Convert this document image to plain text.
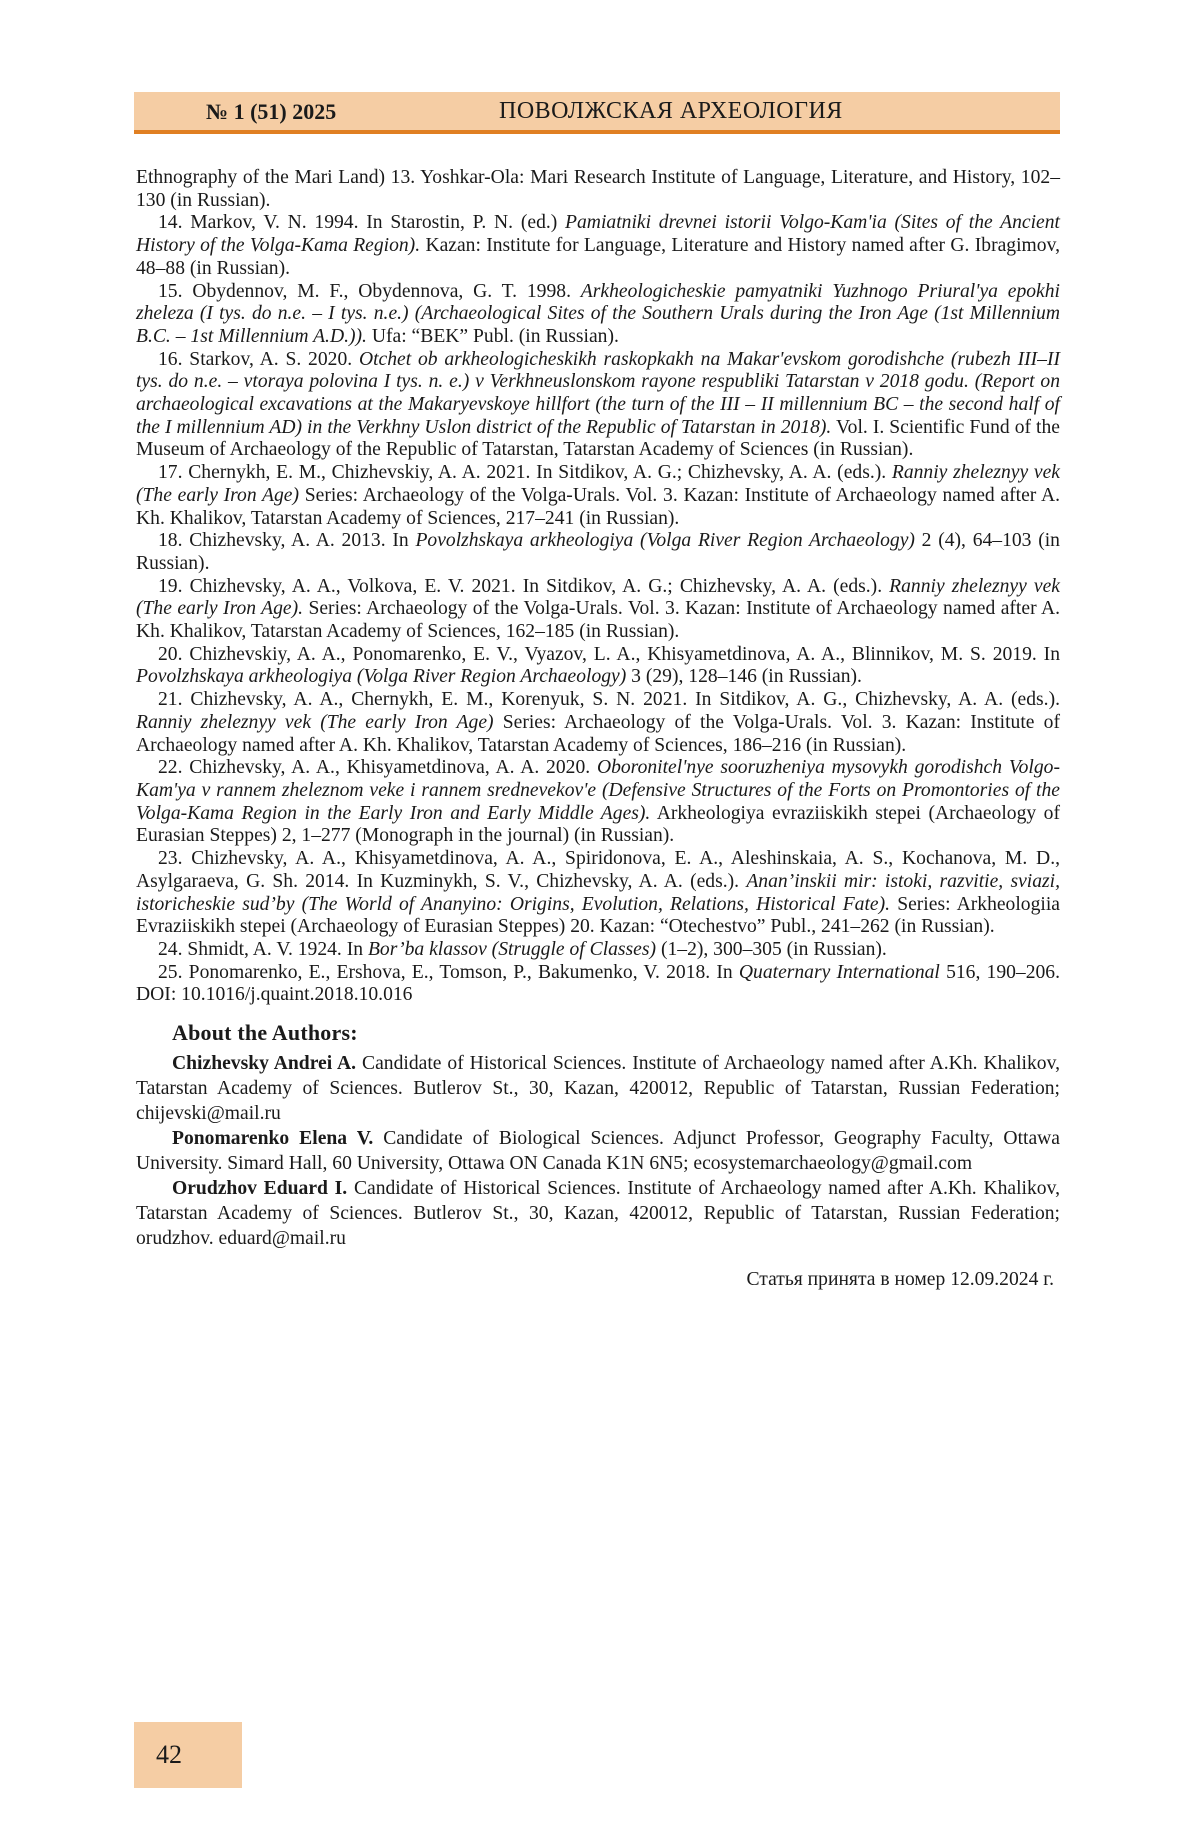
№ 1 (51) 2025	ПОВОЛЖСКАЯ АРХЕОЛОГИЯ

Ethnography of the Mari Land) 13. Yoshkar-Ola: Mari Research Institute of Language, Literature, and History, 102–130 (in Russian).

14. Markov, V. N. 1994. In Starostin, P. N. (ed.) Pamiatniki drevnei istorii Volgo-Kam'ia (Sites of the Ancient History of the Volga-Kama Region). Kazan: Institute for Language, Literature and History named after G. Ibragimov, 48–88 (in Russian).

15. Obydennov, M. F., Obydennova, G. T. 1998. Arkheologicheskie pamyatniki Yuzhnogo Priural'ya epokhi zheleza (I tys. do n.e. – I tys. n.e.) (Archaeological Sites of the Southern Urals during the Iron Age (1st Millennium B.C. – 1st Millennium A.D.)). Ufa: “BEK” Publ. (in Russian).

16. Starkov, A. S. 2020. Otchet ob arkheologicheskikh raskopkakh na Makar'evskom gorodishche (rubezh III–II tys. do n.e. – vtoraya polovina I tys. n. e.) v Verkhneuslonskom rayone respubliki Tatarstan v 2018 godu. (Report on archaeological excavations at the Makaryevskoye hillfort (the turn of the III – II millennium BC – the second half of the I millennium AD) in the Verkhny Uslon district of the Republic of Tatarstan in 2018). Vol. I. Scientific Fund of the Museum of Archaeology of the Republic of Tatarstan, Tatarstan Academy of Sciences (in Russian).

17. Chernykh, E. M., Chizhevskiy, A. A. 2021. In Sitdikov, A. G.; Chizhevsky, A. A. (eds.). Ranniy zheleznyy vek (The early Iron Age) Series: Archaeology of the Volga-Urals. Vol. 3. Kazan: Institute of Archaeology named after A. Kh. Khalikov, Tatarstan Academy of Sciences, 217–241 (in Russian).

18. Chizhevsky, A. A. 2013. In Povolzhskaya arkheologiya (Volga River Region Archaeology) 2 (4), 64–103 (in Russian).

19. Chizhevsky, A. A., Volkova, E. V. 2021. In Sitdikov, A. G.; Chizhevsky, A. A. (eds.). Ranniy zheleznyy vek (The early Iron Age). Series: Archaeology of the Volga-Urals. Vol. 3. Kazan: Institute of Archaeology named after A. Kh. Khalikov, Tatarstan Academy of Sciences, 162–185 (in Russian).

20. Chizhevskiy, A. A., Ponomarenko, E. V., Vyazov, L. A., Khisyametdinova, A. A., Blinnikov, M. S. 2019. In Povolzhskaya arkheologiya (Volga River Region Archaeology) 3 (29), 128–146 (in Russian).

21. Chizhevsky, A. A., Chernykh, E. M., Korenyuk, S. N. 2021. In Sitdikov, A. G., Chizhevsky, A. A. (eds.). Ranniy zheleznyy vek (The early Iron Age) Series: Archaeology of the Volga-Urals. Vol. 3. Kazan: Institute of Archaeology named after A. Kh. Khalikov, Tatarstan Academy of Sciences, 186–216 (in Russian).

22. Chizhevsky, A. A., Khisyametdinova, A. A. 2020. Oboronitel'nye sooruzheniya mysovykh gorodishch Volgo-Kam'ya v rannem zheleznom veke i rannem srednevekov'e (Defensive Structures of the Forts on Promontories of the Volga-Kama Region in the Early Iron and Early Middle Ages). Arkheologiya evraziiskikh stepei (Archaeology of Eurasian Steppes) 2, 1–277 (Monograph in the journal) (in Russian).

23. Chizhevsky, A. A., Khisyametdinova, A. A., Spiridonova, E. A., Aleshinskaia, A. S., Kochanova, M. D., Asylgaraeva, G. Sh. 2014. In Kuzminykh, S. V., Chizhevsky, A. A. (eds.). Anan’inskii mir: istoki, razvitie, sviazi, istoricheskie sud’by (The World of Ananyino: Origins, Evolution, Relations, Historical Fate). Series: Arkheologiia Evraziiskikh stepei (Archaeology of Eurasian Steppes) 20. Kazan: “Otechestvo” Publ., 241–262 (in Russian).

24. Shmidt, A. V. 1924. In Bor’ba klassov (Struggle of Classes) (1–2), 300–305 (in Russian).

25. Ponomarenko, E., Ershova, E., Tomson, P., Bakumenko, V. 2018. In Quaternary International 516, 190–206. DOI: 10.1016/j.quaint.2018.10.016

About the Authors:

Chizhevsky Andrei A. Candidate of Historical Sciences. Institute of Archaeology named after A.Kh. Khalikov, Tatarstan Academy of Sciences. Butlerov St., 30, Kazan, 420012, Republic of Tatarstan, Russian Federation; chijevski@mail.ru

Ponomarenko Elena V. Candidate of Biological Sciences. Adjunct Professor, Geography Faculty, Ottawa University. Simard Hall, 60 University, Ottawa ON Canada K1N 6N5; ecosystemarchaeology@gmail.com

Orudzhov Eduard I. Candidate of Historical Sciences. Institute of Archaeology named after A.Kh. Khalikov, Tatarstan Academy of Sciences. Butlerov St., 30, Kazan, 420012, Republic of Tatarstan, Russian Federation; orudzhov. eduard@mail.ru

Статья принята в номер 12.09.2024 г.

42
